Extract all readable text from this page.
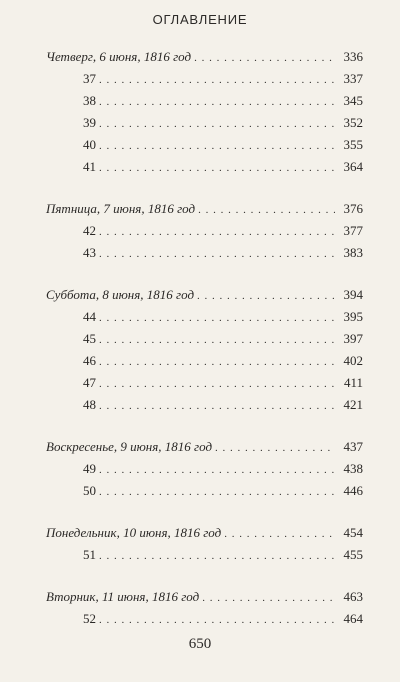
ОГЛАВЛЕНИЕ
Четверг, 6 июня, 1816 год . . .	336
37 . . .	337
38 . . .	345
39 . . .	352
40 . . .	355
41 . . .	364
Пятница, 7 июня, 1816 год . . .	376
42 . . .	377
43 . . .	383
Суббота, 8 июня, 1816 год . . .	394
44 . . .	395
45 . . .	397
46 . . .	402
47 . . .	411
48 . . .	421
Воскресенье, 9 июня, 1816 год . . .	437
49 . . .	438
50 . . .	446
Понедельник, 10 июня, 1816 год . . .	454
51 . . .	455
Вторник, 11 июня, 1816 год . . .	463
52 . . .	464
650
